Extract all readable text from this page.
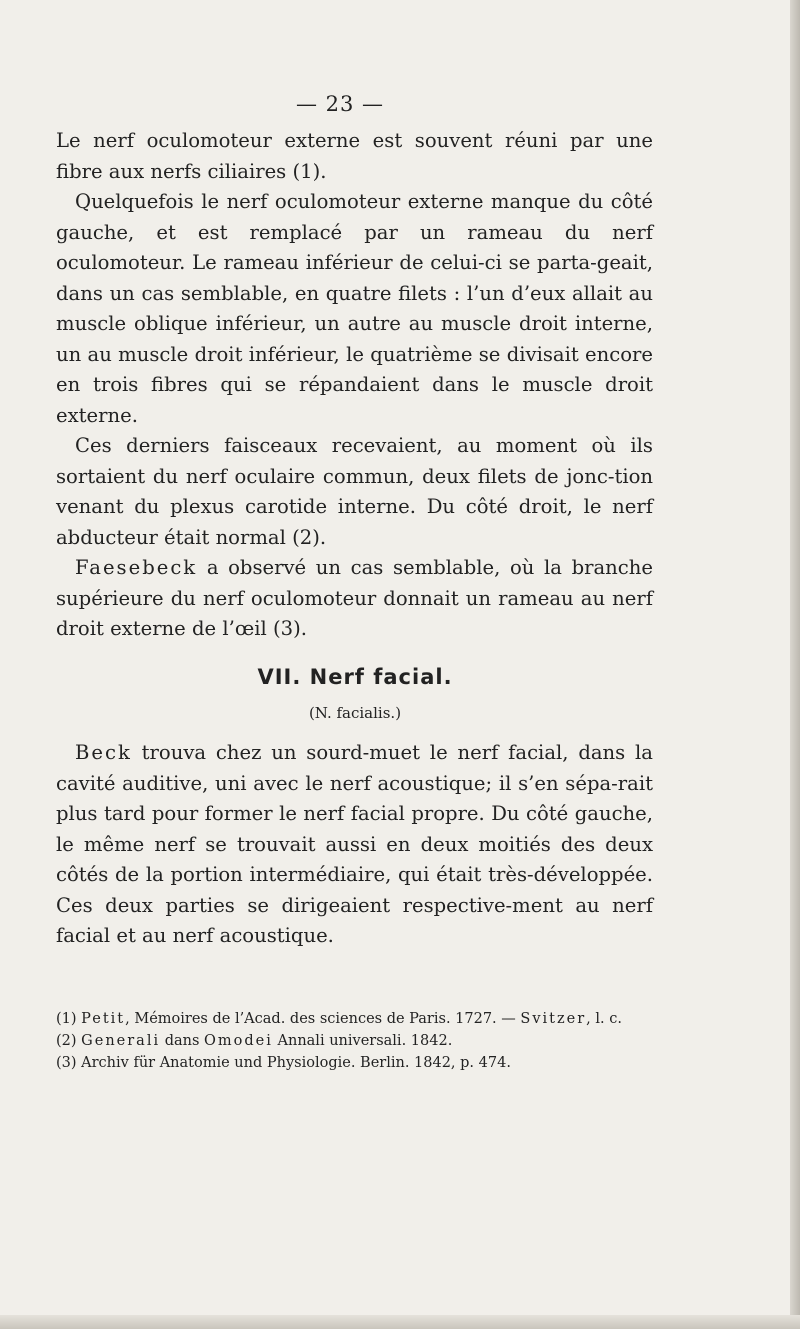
— 23 —

Le nerf oculomoteur externe est souvent réuni par une fibre aux nerfs ciliaires (1).

Quelquefois le nerf oculomoteur externe manque du côté gauche, et est remplacé par un rameau du nerf oculomoteur. Le rameau inférieur de celui-ci se parta-geait, dans un cas semblable, en quatre filets : l’un d’eux allait au muscle oblique inférieur, un autre au muscle droit interne, un au muscle droit inférieur, le quatrième se divisait encore en trois fibres qui se répandaient dans le muscle droit externe.

Ces derniers faisceaux recevaient, au moment où ils sortaient du nerf oculaire commun, deux filets de jonc-tion venant du plexus carotide interne. Du côté droit, le nerf abducteur était normal (2).

Faesebeck a observé un cas semblable, où la branche supérieure du nerf oculomoteur donnait un rameau au nerf droit externe de l’œil (3).

VII. Nerf facial.
(N. facialis.)

Beck trouva chez un sourd-muet le nerf facial, dans la cavité auditive, uni avec le nerf acoustique; il s’en sépa-rait plus tard pour former le nerf facial propre. Du côté gauche, le même nerf se trouvait aussi en deux moitiés des deux côtés de la portion intermédiaire, qui était très-développée. Ces deux parties se dirigeaient respective-ment au nerf facial et au nerf acoustique.

(1) Petit, Mémoires de l’Acad. des sciences de Paris. 1727. — Svitzer, l. c.

(2) Generali dans Omodei Annali universali. 1842.

(3) Archiv für Anatomie und Physiologie. Berlin. 1842, p. 474.
